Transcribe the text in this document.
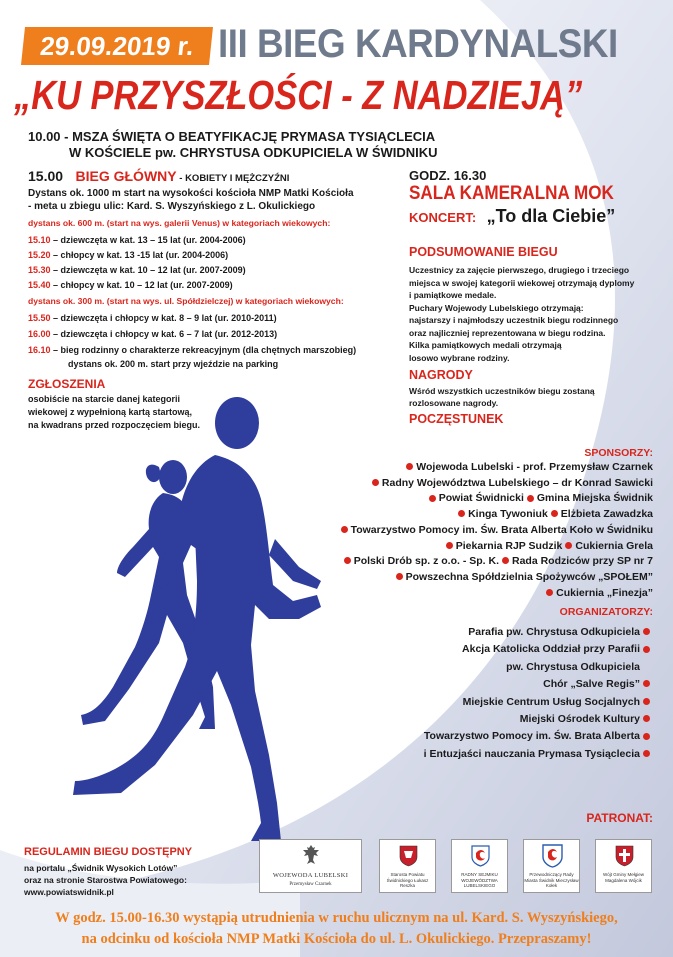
29.09.2019 r. III BIEG KARDYNALSKI
„KU PRZYSZŁOŚCI - Z NADZIEJĄ”
10.00 - MSZA ŚWIĘTA O BEATYFIKACJĘ PRYMASA TYSIĄCLECIA
W KOŚCIELE pw. CHRYSTUSA ODKUPICIELA W ŚWIDNIKU
15.00 BIEG GŁÓWNY - KOBIETY I MĘŻCZYŹNI
Dystans ok. 1000 m start na wysokości kościoła NMP Matki Kościoła
- meta u zbiegu ulic: Kard. S. Wyszyńskiego z L. Okulickiego
dystans ok. 600 m. (start na wys. galerii Venus) w kategoriach wiekowych:
15.10 – dziewczęta w kat. 13 – 15 lat (ur. 2004-2006)
15.20 – chłopcy w kat. 13 -15 lat (ur. 2004-2006)
15.30 – dziewczęta w kat. 10 – 12 lat (ur. 2007-2009)
15.40 – chłopcy w kat. 10 – 12 lat (ur. 2007-2009)
dystans ok. 300 m. (start na wys. ul. Spółdzielczej) w kategoriach wiekowych:
15.50 – dziewczęta i chłopcy w kat. 8 – 9 lat (ur. 2010-2011)
16.00 – dziewczęta i chłopcy w kat. 6 – 7 lat (ur. 2012-2013)
16.10 – bieg rodzinny o charakterze rekreacyjnym (dla chętnych marszobieg)
dystans ok. 200 m. start przy wjeździe na parking
ZGŁOSZENIA
osobiście na starcie danej kategorii
wiekowej z wypełnioną kartą startową,
na kwadrans przed rozpoczęciem biegu.
GODZ. 16.30
SALA KAMERALNA MOK
KONCERT: „To dla Ciebie”
PODSUMOWANIE BIEGU
Uczestnicy za zajęcie pierwszego, drugiego i trzeciego
miejsca w swojej kategorii wiekowej otrzymają dyplomy
i pamiątkowe medale.
Puchary Wojewody Lubelskiego otrzymają:
najstarszy i najmłodszy uczestnik biegu rodzinnego
oraz najliczniej reprezentowana w biegu rodzina.
Kilka pamiątkowych medali otrzymają
losowo wybrane rodziny.
NAGRODY
Wśród wszystkich uczestników biegu zostaną
rozlosowane nagrody.
POCZĘSTUNEK
SPONSORZY:
Wojewoda Lubelski - prof. Przemysław Czarnek
Radny Województwa Lubelskiego – dr Konrad Sawicki
Powiat Świdnicki Gmina Miejska Świdnik
Kinga Tywoniuk Elżbieta Zawadzka
Towarzystwo Pomocy im. Św. Brata Alberta Koło w Świdniku
Piekarnia RJP Sudzik Cukiernia Grela
Polski Drób sp. z o.o. - Sp. K. Rada Rodziców przy SP nr 7
Powszechna Spółdzielnia Spożywców „SPOŁEM”
Cukiernia „Finezja”
ORGANIZATORZY:
Parafia pw. Chrystusa Odkupiciela
Akcja Katolicka Oddział przy Parafii
pw. Chrystusa Odkupiciela
Chór „Salve Regis”
Miejskie Centrum Usług Socjalnych
Miejski Ośrodek Kultury
Towarzystwo Pomocy im. Św. Brata Alberta
i Entuzjaści nauczania Prymasa Tysiąclecia
PATRONAT:
WOJEWODA LUBELSKI
Przemysław Czarnek
Starosta Powiatu Świdnickiego Łukasz Reszka
RADNY SEJMIKU WOJEWÓDZTWA LUBELSKIEGO
Przewodniczący Rady Miasta Świdnik Mieczysław Kołek
Wójt Gminy Mełgiew Magdalena Wójcik
REGULAMIN BIEGU DOSTĘPNY
na portalu „Świdnik Wysokich Lotów”
oraz na stronie Starostwa Powiatowego:
www.powiatswidnik.pl
W godz. 15.00-16.30 wystąpią utrudnienia w ruchu ulicznym na ul. Kard. S. Wyszyńskiego,
na odcinku od kościoła NMP Matki Kościoła do ul. L. Okulickiego. Przepraszamy!
